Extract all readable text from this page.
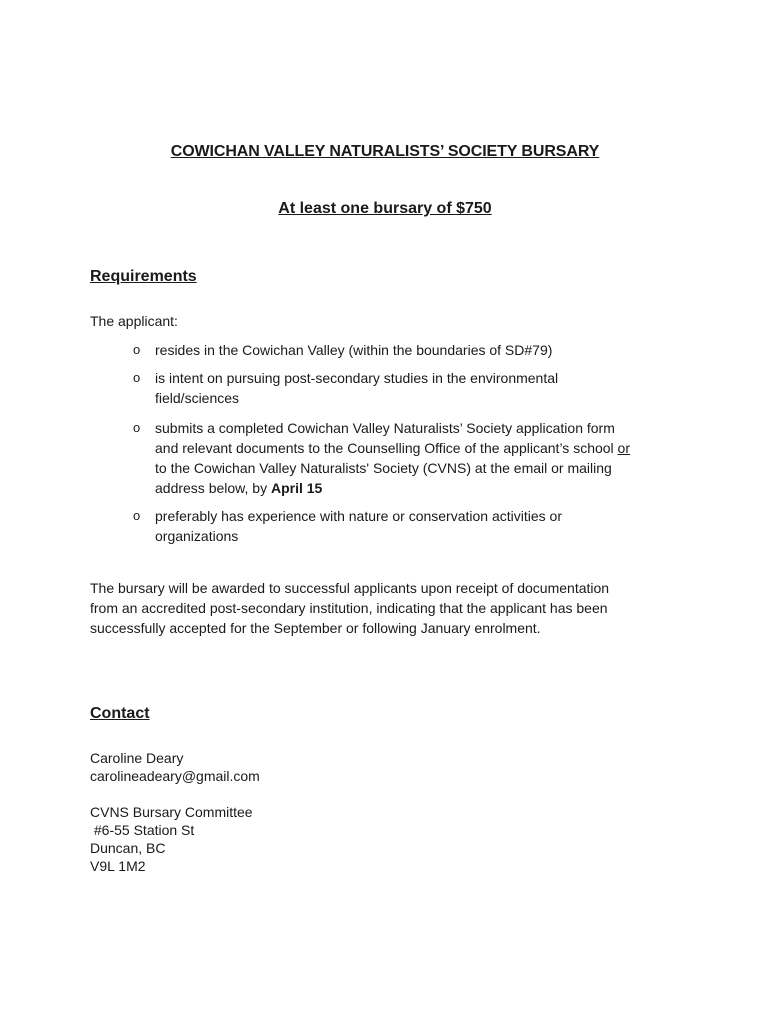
COWICHAN VALLEY NATURALISTS’ SOCIETY BURSARY
At least one bursary of $750
Requirements
The applicant:
o resides in the Cowichan Valley (within the boundaries of SD#79)
o is intent on pursuing post-secondary studies in the environmental
field/sciences
o submits a completed Cowichan Valley Naturalists’ Society application form
and relevant documents to the Counselling Office of the applicant’s school or
to the Cowichan Valley Naturalists' Society (CVNS) at the email or mailing
address below, by April 15
o preferably has experience with nature or conservation activities or
organizations
The bursary will be awarded to successful applicants upon receipt of documentation
from an accredited post-secondary institution, indicating that the applicant has been
successfully accepted for the September or following January enrolment.
Contact
Caroline Deary
carolineadeary@gmail.com
CVNS Bursary Committee
#6-55 Station St
Duncan, BC
V9L 1M2
